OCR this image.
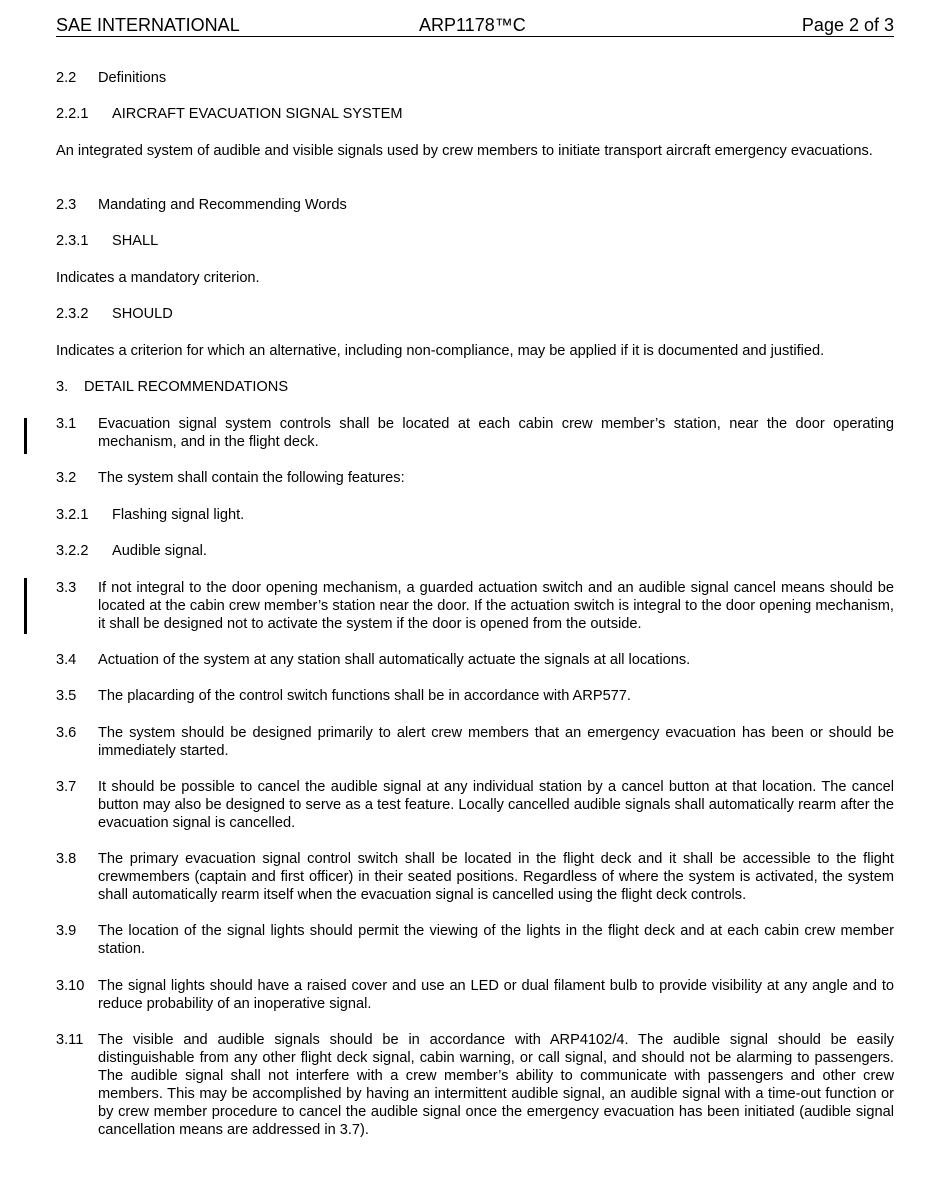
SAE INTERNATIONAL	ARP1178™C	Page 2 of 3
2.2 Definitions
2.2.1 AIRCRAFT EVACUATION SIGNAL SYSTEM
An integrated system of audible and visible signals used by crew members to initiate transport aircraft emergency evacuations.
2.3 Mandating and Recommending Words
2.3.1 SHALL
Indicates a mandatory criterion.
2.3.2 SHOULD
Indicates a criterion for which an alternative, including non-compliance, may be applied if it is documented and justified.
3. DETAIL RECOMMENDATIONS
3.1 Evacuation signal system controls shall be located at each cabin crew member’s station, near the door operating mechanism, and in the flight deck.
3.2 The system shall contain the following features:
3.2.1 Flashing signal light.
3.2.2 Audible signal.
3.3 If not integral to the door opening mechanism, a guarded actuation switch and an audible signal cancel means should be located at the cabin crew member’s station near the door. If the actuation switch is integral to the door opening mechanism, it shall be designed not to activate the system if the door is opened from the outside.
3.4 Actuation of the system at any station shall automatically actuate the signals at all locations.
3.5 The placarding of the control switch functions shall be in accordance with ARP577.
3.6 The system should be designed primarily to alert crew members that an emergency evacuation has been or should be immediately started.
3.7 It should be possible to cancel the audible signal at any individual station by a cancel button at that location. The cancel button may also be designed to serve as a test feature. Locally cancelled audible signals shall automatically rearm after the evacuation signal is cancelled.
3.8 The primary evacuation signal control switch shall be located in the flight deck and it shall be accessible to the flight crewmembers (captain and first officer) in their seated positions. Regardless of where the system is activated, the system shall automatically rearm itself when the evacuation signal is cancelled using the flight deck controls.
3.9 The location of the signal lights should permit the viewing of the lights in the flight deck and at each cabin crew member station.
3.10 The signal lights should have a raised cover and use an LED or dual filament bulb to provide visibility at any angle and to reduce probability of an inoperative signal.
3.11 The visible and audible signals should be in accordance with ARP4102/4. The audible signal should be easily distinguishable from any other flight deck signal, cabin warning, or call signal, and should not be alarming to passengers. The audible signal shall not interfere with a crew member’s ability to communicate with passengers and other crew members. This may be accomplished by having an intermittent audible signal, an audible signal with a time-out function or by crew member procedure to cancel the audible signal once the emergency evacuation has been initiated (audible signal cancellation means are addressed in 3.7).
